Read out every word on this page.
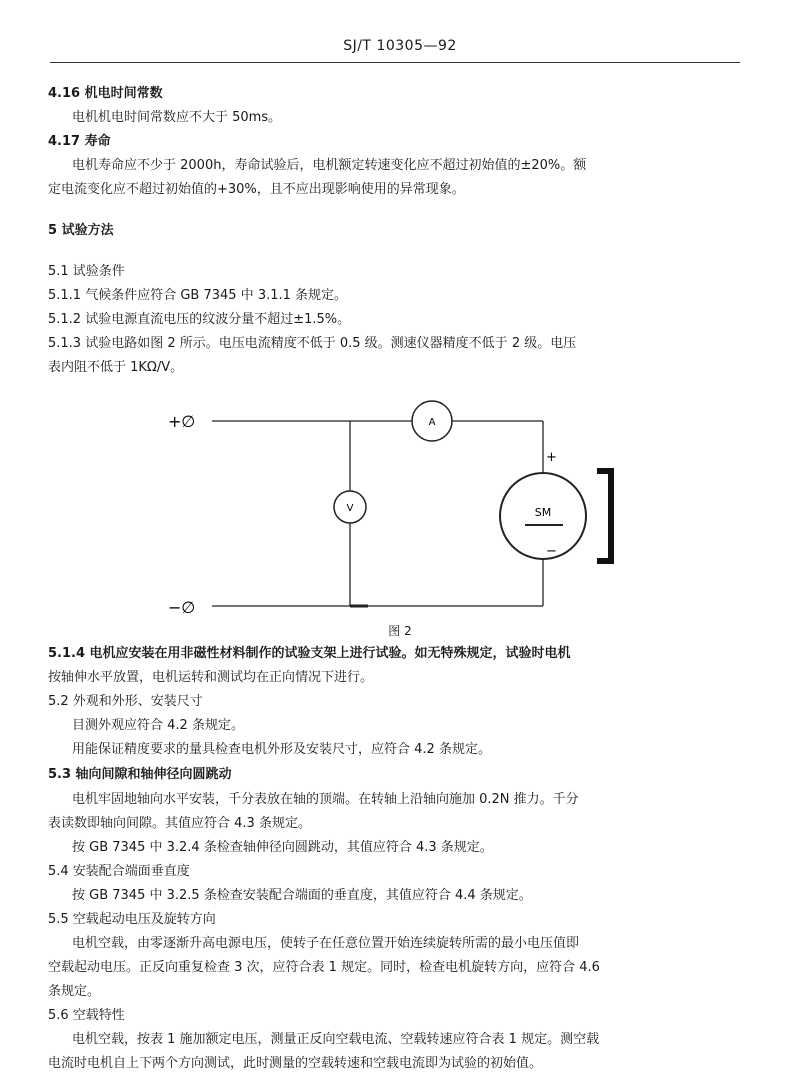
SJ/T 10305—92
4.16 机电时间常数
电机机电时间常数应不大于 50ms。
4.17 寿命
电机寿命应不少于 2000h，寿命试验后，电机额定转速变化应不超过初始值的±20%。额
定电流变化应不超过初始值的+30%，且不应出现影响使用的异常现象。
5 试验方法
5.1 试验条件
5.1.1 气候条件应符合 GB 7345 中 3.1.1 条规定。
5.1.2 试验电源直流电压的纹波分量不超过±1.5%。
5.1.3 试验电路如图 2 所示。电压电流精度不低于 0.5 级。测速仪器精度不低于 2 级。电压
表内阻不低于 1KΩ/V。
+∅
−∅
A
V	SM
+
−
图 2
5.1.4 电机应安装在用非磁性材料制作的试验支架上进行试验。如无特殊规定，试验时电机
按轴伸水平放置，电机运转和测试均在正向情况下进行。
5.2 外观和外形、安装尺寸
目测外观应符合 4.2 条规定。
用能保证精度要求的量具检查电机外形及安装尺寸，应符合 4.2 条规定。
5.3 轴向间隙和轴伸径向圆跳动
电机牢固地轴向水平安装，千分表放在轴的顶端。在转轴上沿轴向施加 0.2N 推力。千分
表读数即轴向间隙。其值应符合 4.3 条规定。
按 GB 7345 中 3.2.4 条检查轴伸径向圆跳动，其值应符合 4.3 条规定。
5.4 安装配合端面垂直度
按 GB 7345 中 3.2.5 条检查安装配合端面的垂直度，其值应符合 4.4 条规定。
5.5 空载起动电压及旋转方向
电机空载，由零逐渐升高电源电压，使转子在任意位置开始连续旋转所需的最小电压值即
空载起动电压。正反向重复检查 3 次，应符合表 1 规定。同时，检查电机旋转方向，应符合 4.6
条规定。
5.6 空载特性
电机空载，按表 1 施加额定电压，测量正反向空载电流、空载转速应符合表 1 规定。测空载
电流时电机自上下两个方向测试，此时测量的空载转速和空载电流即为试验的初始值。
